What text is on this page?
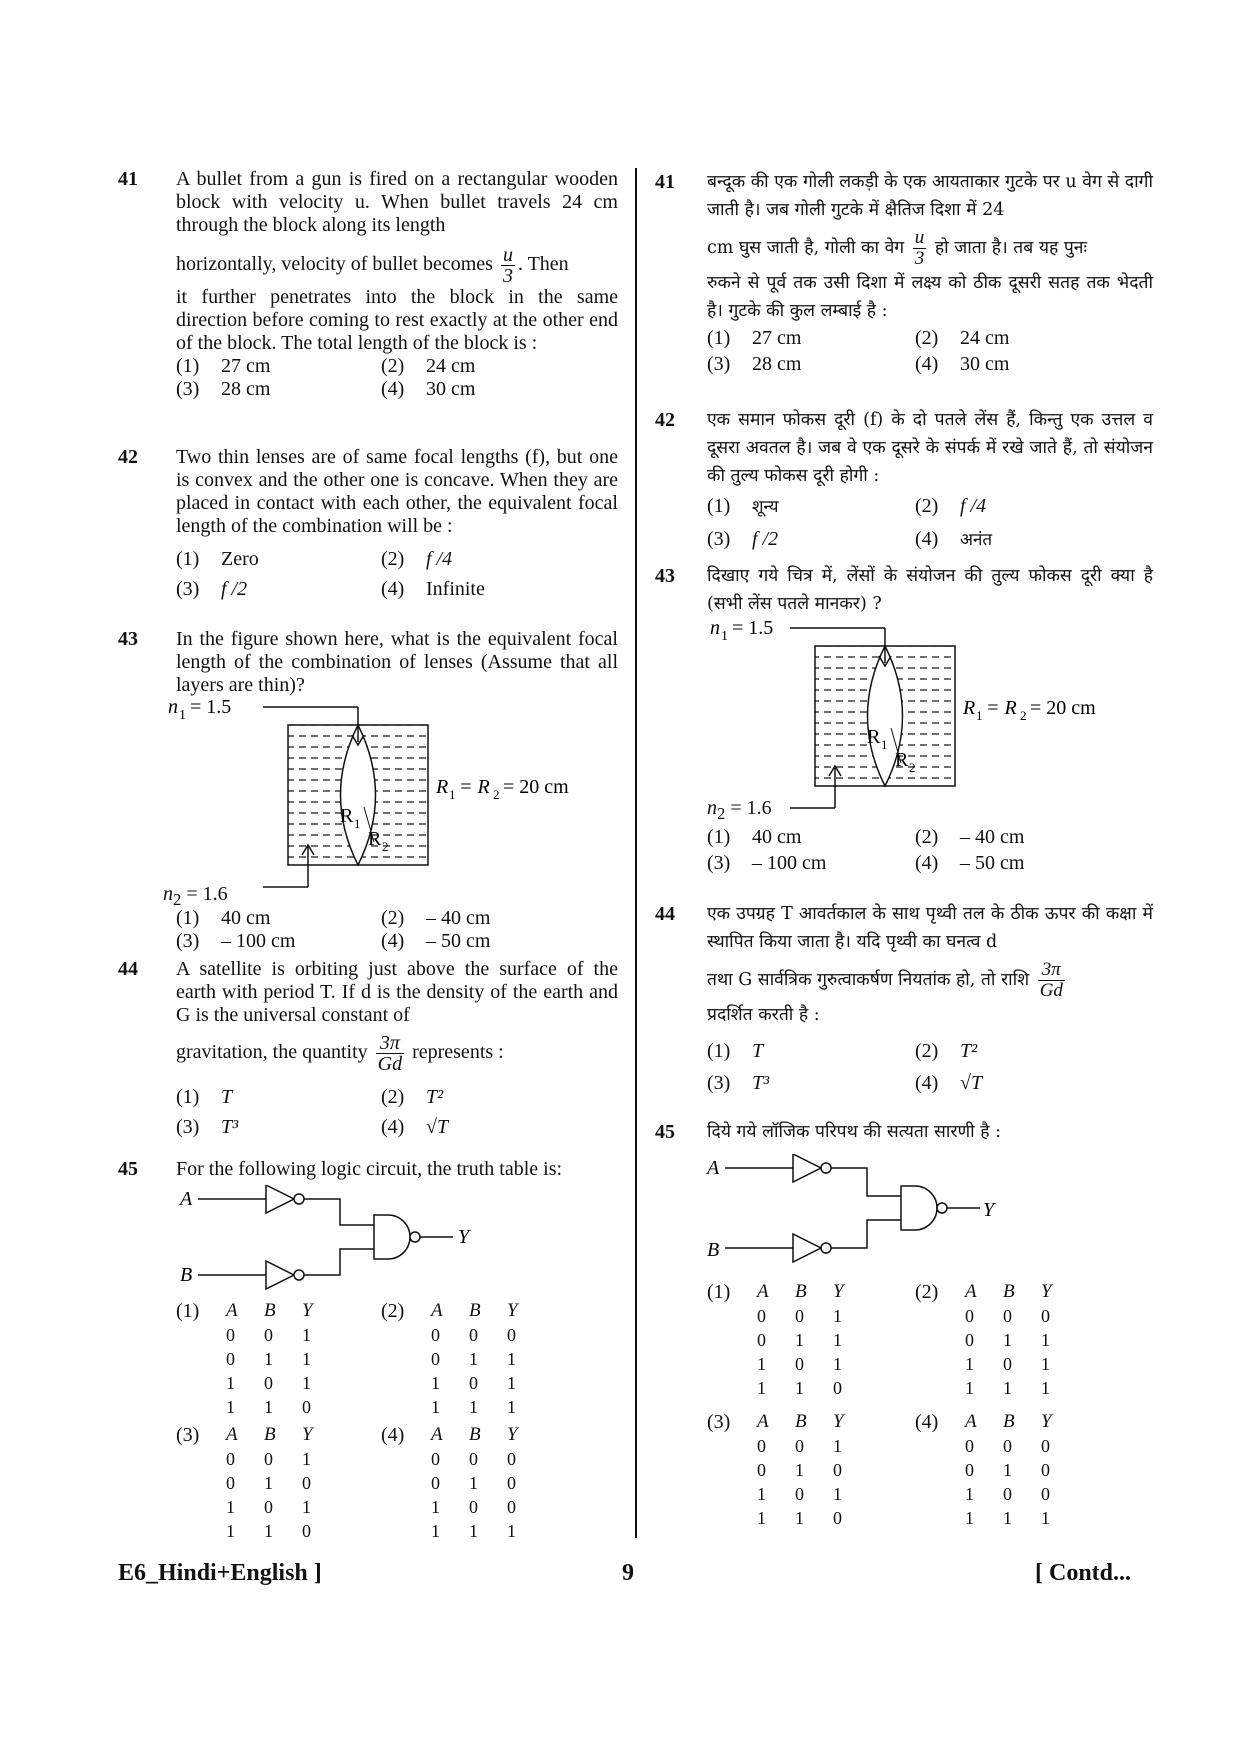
41 A bullet from a gun is fired on a rectangular wooden block with velocity u. When bullet travels 24 cm through the block along its length
horizontally, velocity of bullet becomes $\frac{u}{3}$ . Then
it further penetrates into the block in the same direction before coming to rest exactly at the other end of the block. The total length of the block is :
(1) 27 cm	(2) 24 cm
(3) 28 cm	(4) 30 cm
42 Two thin lenses are of same focal lengths (f), but one is convex and the other one is concave. When they are placed in contact with each other, the equivalent focal length of the combination will be :
(1) Zero	(2) f /4
(3) f /2	(4) Infinite
43 In the figure shown here, what is the equivalent focal length of the combination of lenses (Assume that all layers are thin)?
n 1 = 1.5
R 1
R 2
R 1 = R 2 = 20 cm
$n_2 = 1.6$
(1) 40 cm	(2) – 40 cm
(3) – 100 cm	(4) – 50 cm
44 A satellite is orbiting just above the surface of the earth with period T. If d is the density of the earth and G is the universal constant of
gravitation, the quantity $\frac{3\pi}{Gd}$ represents :
(1) T	(2) T²
(3) T³	(4) √T
45 For the following logic circuit, the truth table is:
A
B
Y
(1)	A	B	Y
0	0	1
0	1	1
1	0	1
1	1	0
(2)	A	B	Y
0	0	0
0	1	1
1	0	1
1	1	1
(3)	A	B	Y
0	0	1
0	1	0
1	0	1
1	1	0
(4)	A	B	Y
0	0	0
0	1	0
1	0	0
1	1	1
41 बन्दूक की एक गोली लकड़ी के एक आयताकार गुटके पर u वेग से दागी जाती है। जब गोली गुटके में क्षैतिज दिशा में 24
cm घुस जाती है, गोली का वेग $\frac{u}{3}$ हो जाता है। तब यह पुनः
रुकने से पूर्व तक उसी दिशा में लक्ष्य को ठीक दूसरी सतह तक भेदती है। गुटके की कुल लम्बाई है :
(1) 27 cm	(2) 24 cm
(3) 28 cm	(4) 30 cm
42 एक समान फोकस दूरी (f) के दो पतले लेंस हैं, किन्तु एक उत्तल व दूसरा अवतल है। जब वे एक दूसरे के संपर्क में रखे जाते हैं, तो संयोजन की तुल्य फोकस दूरी होगी :
(1) शून्य	(2) f /4
(3) f /2	(4) अनंत
43 दिखाए गये चित्र में, लेंसों के संयोजन की तुल्य फोकस दूरी क्या है (सभी लेंस पतले मानकर) ?
n 1 = 1.5
R 1
R 2
R 1 = R 2 = 20 cm
$n_2 = 1.6$
(1) 40 cm	(2) – 40 cm
(3) – 100 cm	(4) – 50 cm
44 एक उपग्रह T आवर्तकाल के साथ पृथ्वी तल के ठीक ऊपर की कक्षा में स्थापित किया जाता है। यदि पृथ्वी का घनत्व d
तथा G सार्वत्रिक गुरुत्वाकर्षण नियतांक हो, तो राशि $\frac{3\pi}{Gd}$
प्रदर्शित करती है :
(1) T	(2) T²
(3) T³	(4) √T
45 दिये गये लॉजिक परिपथ की सत्यता सारणी है :
A
B
Y
(1)	A	B	Y
0	0	1
0	1	1
1	0	1
1	1	0
(2)	A	B	Y
0	0	0
0	1	1
1	0	1
1	1	1
(3)	A	B	Y
0	0	1
0	1	0
1	0	1
1	1	0
(4)	A	B	Y
0	0	0
0	1	0
1	0	0
1	1	1
E6_Hindi+English ]	9	[ Contd...
